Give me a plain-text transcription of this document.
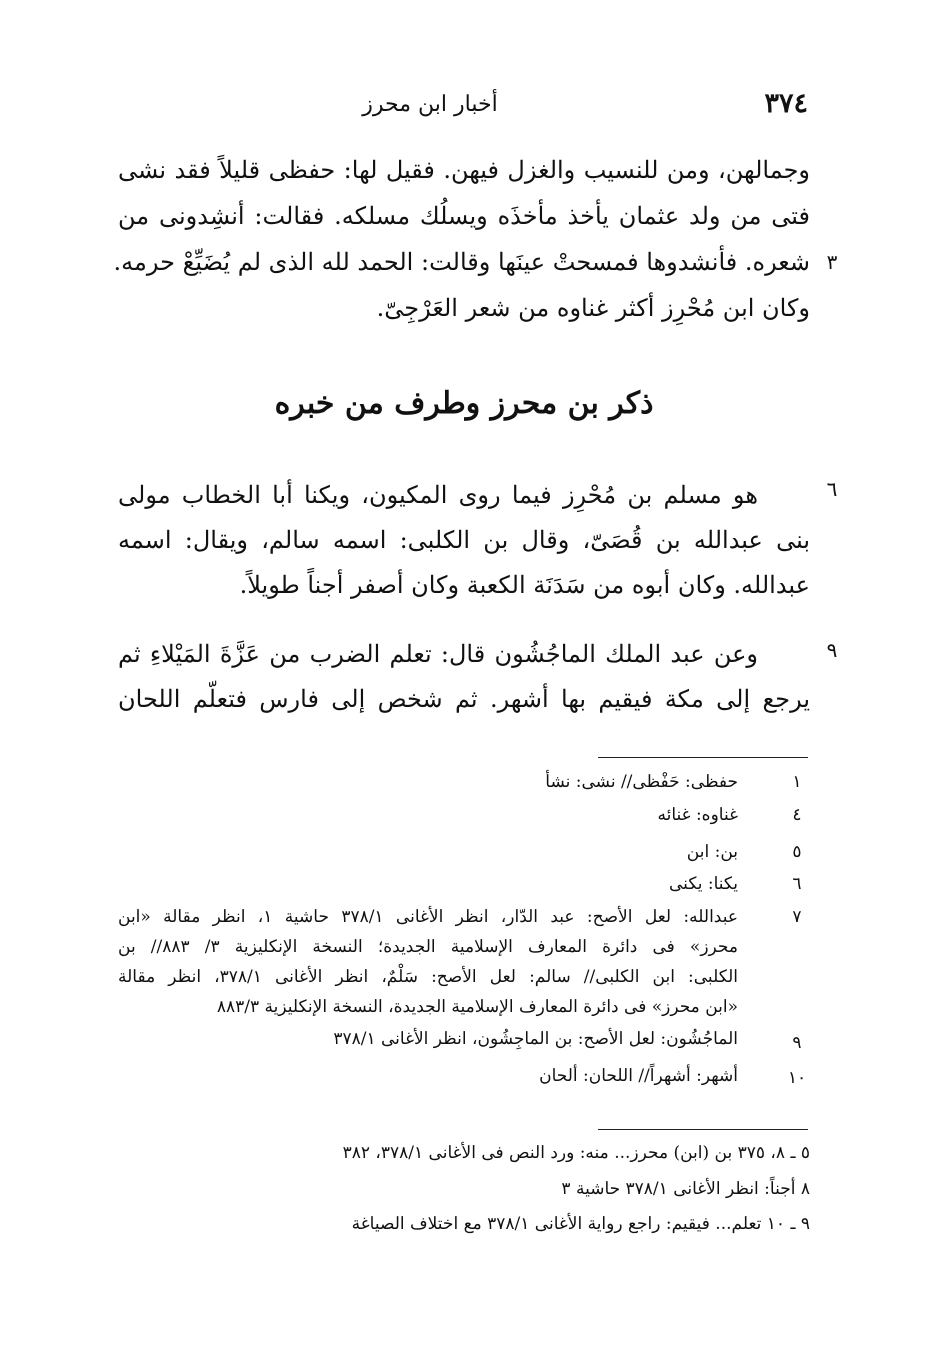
٣٧٤
أخبار ابن محرز
وجمالهن، ومن للنسيب والغزل فيهن. فقيل لها: حفظى قليلاً فقد نشى
فتى من ولد عثمان يأخذ مأخذَه ويسلُك مسلكه. فقالت: أنشِدونى من
شعره. فأنشدوها فمسحتْ عينَها وقالت: الحمد لله الذى لم يُضَيِّعْ حرمه. ٣
وكان ابن مُحْرِز أكثر غناوه من شعر العَرْجِىّ.
ذكر بن محرز وطرف من خبره
هو مسلم بن مُحْرِز فيما روى المكيون، ويكنا أبا الخطاب مولى	٦
بنى عبدالله بن قُصَىّ، وقال بن الكلبى: اسمه سالم، ويقال: اسمه
عبدالله. وكان أبوه من سَدَنَة الكعبة وكان أصفر أجناً طويلاً.
وعن عبد الملك الماجُشُون قال: تعلم الضرب من عَزَّةَ المَيْلاءِ ثم	٩
يرجع إلى مكة فيقيم بها أشهر. ثم شخص إلى فارس فتعلّم اللحان
١
حفظى: حَفْظى// نشى: نشأ
٤
غناوه: غنائه
٥
بن: ابن
٦
يكنا: يكنى
٧
عبدالله: لعل الأصح: عبد الدّار، انظر الأغانى ٣٧٨/١ حاشية ١، انظر مقالة «ابن
محرز» فى دائرة المعارف الإسلامية الجديدة؛ النسخة الإنكليزية ٣/ ٨٨٣// بن
الكلبى: ابن الكلبى// سالم: لعل الأصح: سَلْمٌ، انظر الأغانى ٣٧٨/١، انظر مقالة
«ابن محرز» فى دائرة المعارف الإسلامية الجديدة، النسخة الإنكليزية ٨٨٣/٣
٩
الماجُشُون: لعل الأصح: بن الماجِشُون، انظر الأغانى ٣٧٨/١
١٠
أشهر: أشهراً// اللحان: ألحان
٥ ـ ٨، ٣٧٥ بن (ابن) محرز... منه: ورد النص فى الأغانى ٣٧٨/١، ٣٨٢
٨ أجناً: انظر الأغانى ٣٧٨/١ حاشية ٣
٩ ـ ١٠ تعلم... فيقيم: راجع رواية الأغانى ٣٧٨/١ مع اختلاف الصياغة
